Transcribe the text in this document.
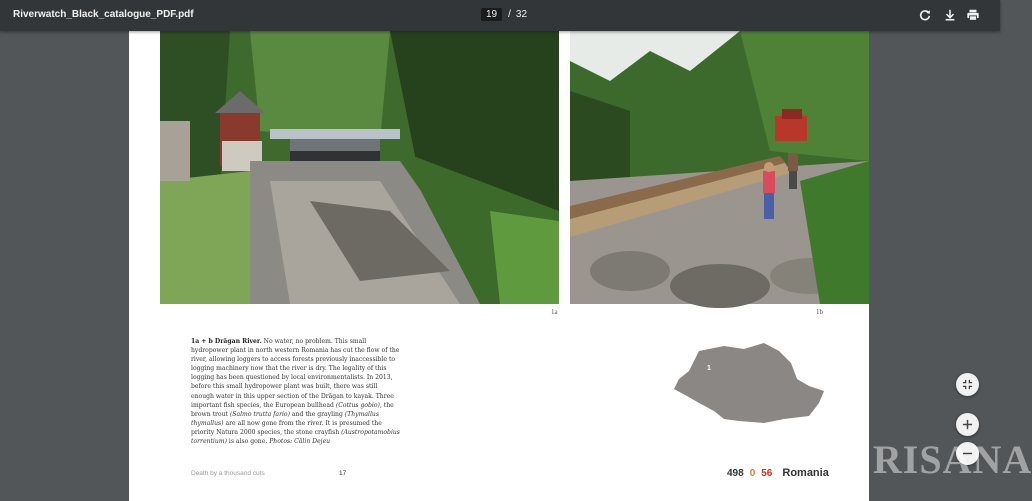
Riverwatch_Black_catalogue_PDF.pdf	19	/ 32
1a	1b
1a + b Drăgan River. No water, no problem. This small hydropower plant in north western Romania has cut the flow of the river, allowing loggers to access forests previously inaccessible to logging machinery now that the river is dry. The legality of this logging has been questioned by local environmentalists. In 2013, before this small hydropower plant was built, there was still enough water in this upper section of the Drăgan to kayak. Three important fish species, the European bullhead (Cottus gobio), the brown trout (Salmo trutta fario) and the grayling (Thymallus thymallus) are all now gone from the river. It is presumed the priority Natura 2000 species, the stone crayfish (Austropotamobius torrentium) is also gone. Photos: Călin Dejeu
Death by a thousand cuts	17
1
498 0 56 Romania CRISANA
